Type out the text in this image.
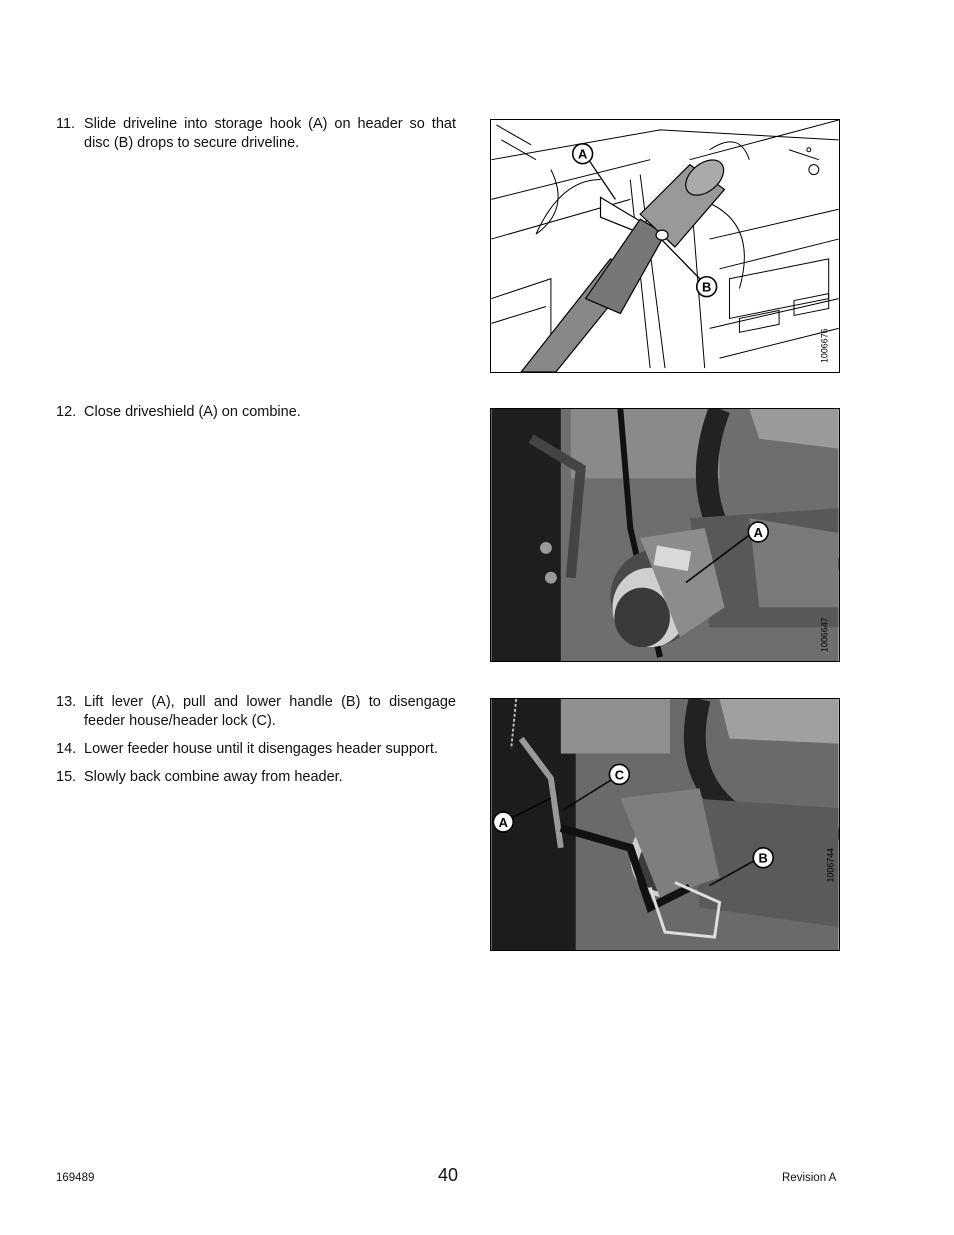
11. Slide driveline into storage hook (A) on header so that disc (B) drops to secure driveline.
12. Close driveshield (A) on combine.
13. Lift lever (A), pull and lower handle (B) to disengage feeder house/header lock (C).
14. Lower feeder house until it disengages header support.
15. Slowly back combine away from header.
A
B
1006676
A
1006647
C
A
B	1006744
169489	40	Revision A
